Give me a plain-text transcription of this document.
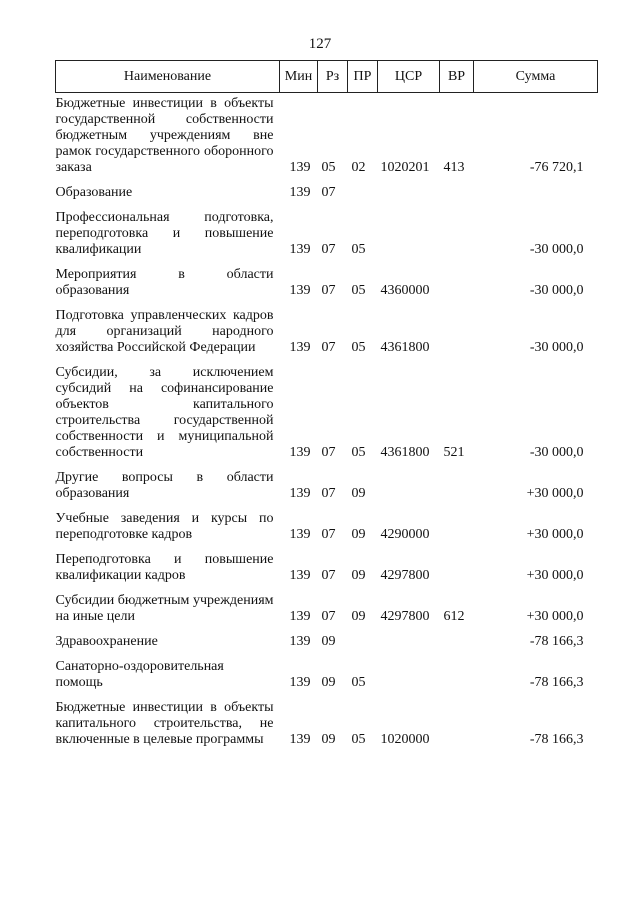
127
Наименование	Мин	Рз	ПР	ЦСР	ВР	Сумма
Бюджетные инвестиции в объекты государственной собственности бюджетным учреждениям вне рамок государственного оборонного заказа	139	05	02	1020201	413	-76 720,1
Образование	139	07				
Профессиональная подготовка, переподготовка и повышение квалификации	139	07	05			-30 000,0
Мероприятия в области образования	139	07	05	4360000		-30 000,0
Подготовка управленческих кадров для организаций народного хозяйства Российской Федерации	139	07	05	4361800		-30 000,0
Субсидии, за исключением субсидий на софинансирование объектов капитального строительства государственной собственности и муниципальной собственности	139	07	05	4361800	521	-30 000,0
Другие вопросы в области образования	139	07	09			+30 000,0
Учебные заведения и курсы по переподготовке кадров	139	07	09	4290000		+30 000,0
Переподготовка и повышение квалификации кадров	139	07	09	4297800		+30 000,0
Субсидии бюджетным учреждениям на иные цели	139	07	09	4297800	612	+30 000,0
Здравоохранение	139	09				-78 166,3
Санаторно-оздоровительная помощь	139	09	05			-78 166,3
Бюджетные инвестиции в объекты капитального строительства, не включенные в целевые программы	139	09	05	1020000		-78 166,3
